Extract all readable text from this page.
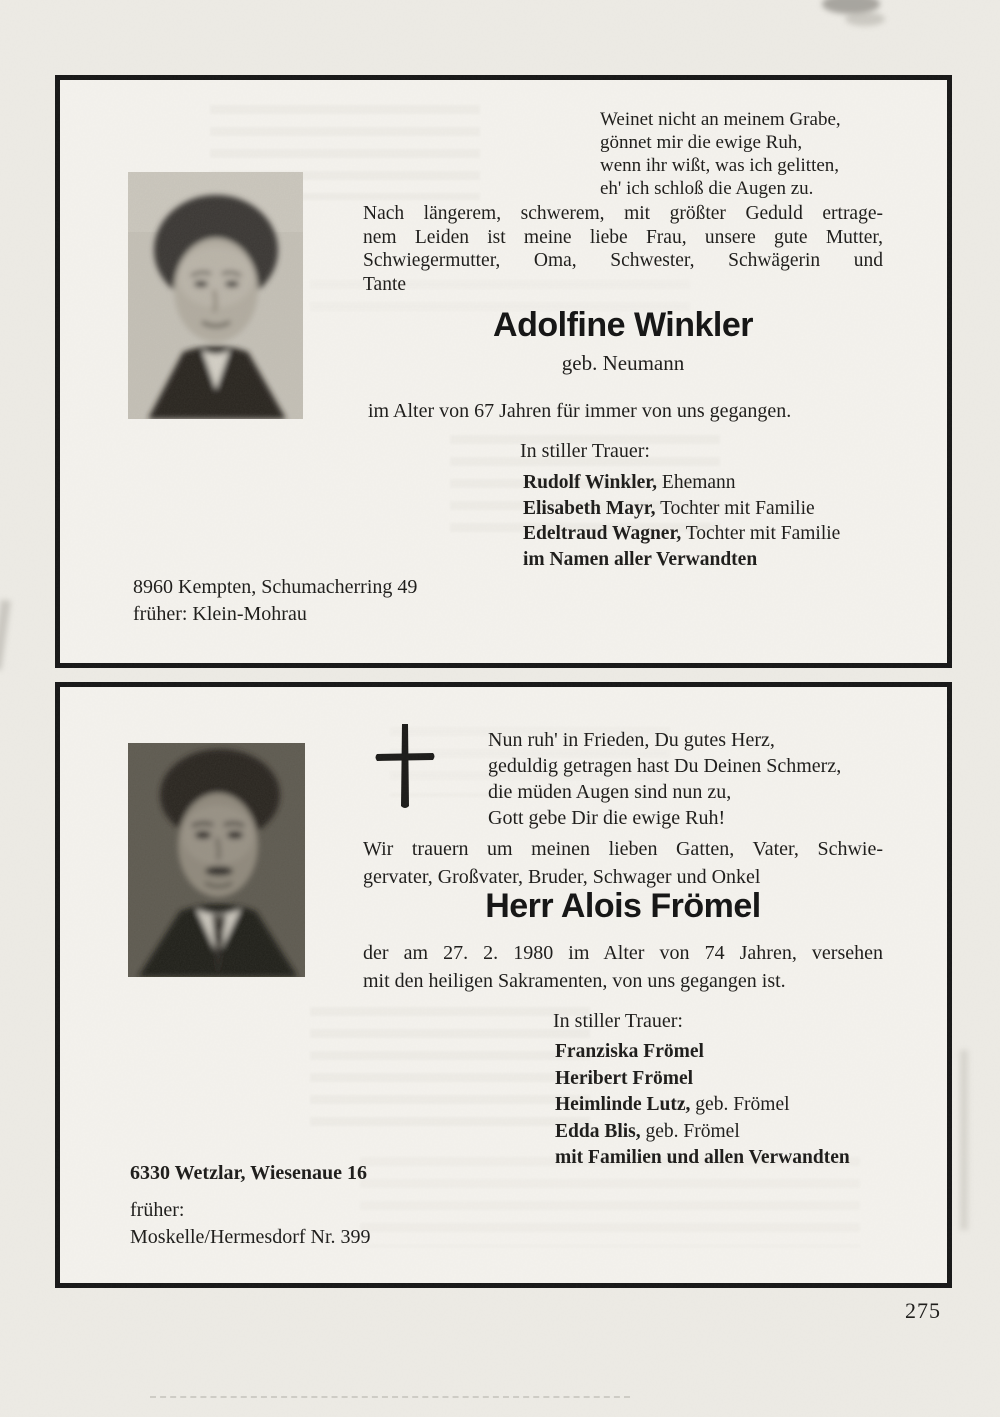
Weinet nicht an meinem Grabe,
gönnet mir die ewige Ruh,
wenn ihr wißt, was ich gelitten,
eh' ich schloß die Augen zu.
Nach längerem, schwerem, mit größter Geduld ertrage-
nem Leiden ist meine liebe Frau, unsere gute Mutter,
Schwiegermutter, Oma, Schwester, Schwägerin und
Tante
Adolfine Winkler
geb. Neumann
im Alter von 67 Jahren für immer von uns gegangen.
In stiller Trauer:
Rudolf Winkler, Ehemann
Elisabeth Mayr, Tochter mit Familie
Edeltraud Wagner, Tochter mit Familie
im Namen aller Verwandten
8960 Kempten, Schumacherring 49
früher: Klein-Mohrau
Nun ruh' in Frieden, Du gutes Herz,
geduldig getragen hast Du Deinen Schmerz,
die müden Augen sind nun zu,
Gott gebe Dir die ewige Ruh!
Wir trauern um meinen lieben Gatten, Vater, Schwie-
gervater, Großvater, Bruder, Schwager und Onkel
Herr Alois Frömel
der am 27. 2. 1980 im Alter von 74 Jahren, versehen
mit den heiligen Sakramenten, von uns gegangen ist.
In stiller Trauer:
Franziska Frömel
Heribert Frömel
Heimlinde Lutz, geb. Frömel
Edda Blis, geb. Frömel
mit Familien und allen Verwandten
6330 Wetzlar, Wiesenaue 16
früher:
Moskelle/Hermesdorf Nr. 399
275
